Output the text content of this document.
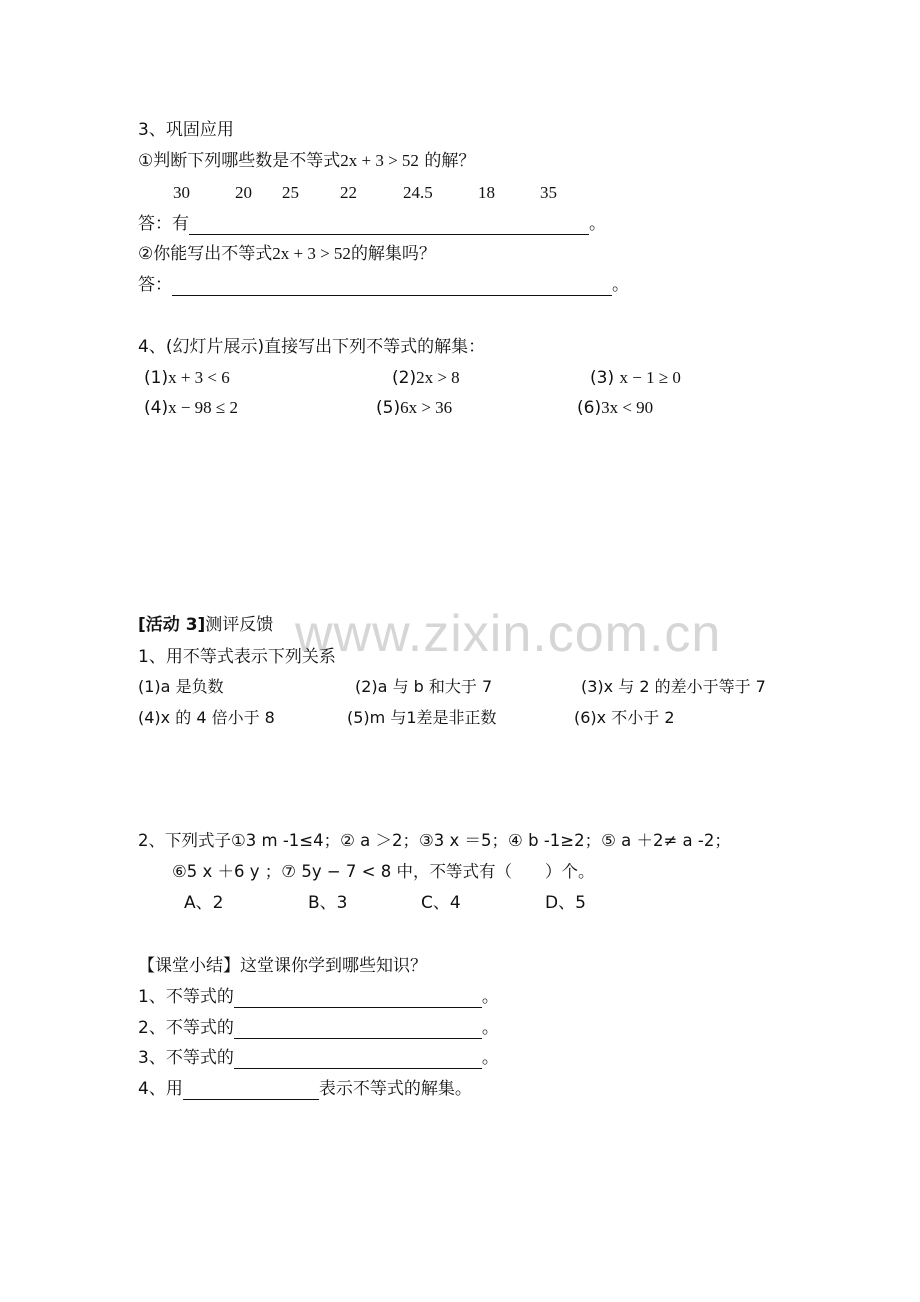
www.zixin.com.cn
3、巩固应用
①判断下列哪些数是不等式2x + 3 > 52 的解？
30	20 25 22	24.5	18	35
答：有	。
②你能写出不等式2x + 3 > 52的解集吗？
答：	。
4、(幻灯片展示)直接写出下列不等式的解集：
(1)x + 3 < 6	(2)2x > 8	(3) x − 1 ≥ 0
(4)x − 98 ≤ 2	(5)6x > 36	(6)3x < 90
[活动 3]测评反馈
1、用不等式表示下列关系
(1)a 是负数	(2)a 与 b 和大于 7	(3)x 与 2 的差小于等于 7
(4)x 的 4 倍小于 8	(5)m 与1差是非正数	(6)x 不小于 2
2、下列式子①3 m -1≤4；② a ＞2；③3 x ＝5；④ b -1≥2；⑤ a ＋2≠ a -2；
⑥5 x ＋6 y ；⑦ 5y − 7 < 8 中，不等式有（　　）个。
A、2	B、3	C、4	D、5
【课堂小结】这堂课你学到哪些知识？
1、不等式的	。
2、不等式的	。
3、不等式的	。
4、用	表示不等式的解集。
